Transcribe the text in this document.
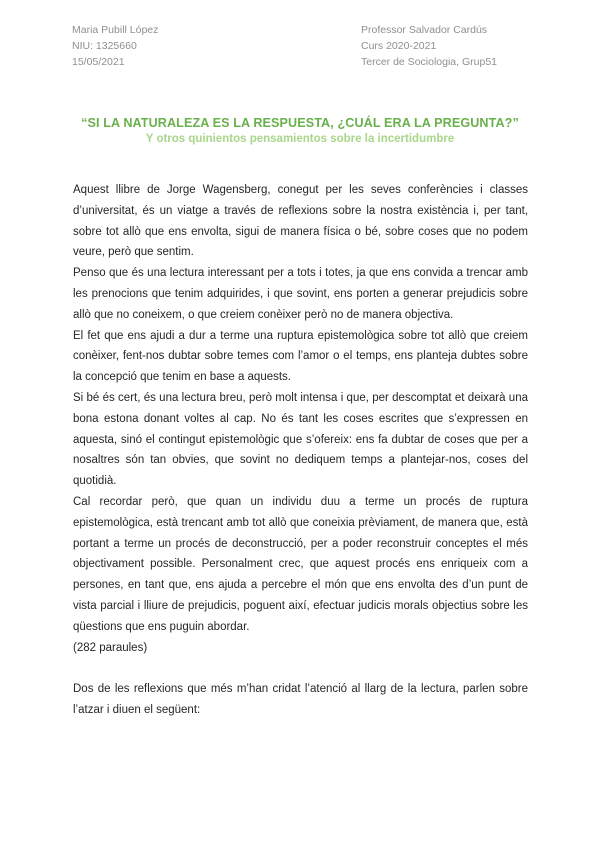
Maria Pubill López
NIU: 1325660
15/05/2021
Professor Salvador Cardús
Curs 2020-2021
Tercer de Sociologia, Grup51
“SI LA NATURALEZA ES LA RESPUESTA, ¿CUÁL ERA LA PREGUNTA?”
Y otros quinientos pensamientos sobre la incertidumbre

Aquest llibre de Jorge Wagensberg, conegut per les seves conferències i classes d’universitat, és un viatge a través de reflexions sobre la nostra existència i, per tant, sobre tot allò que ens envolta, sigui de manera física o bé, sobre coses que no podem veure, però que sentim.

Penso que és una lectura interessant per a tots i totes, ja que ens convida a trencar amb les prenocions que tenim adquirides, i que sovint, ens porten a generar prejudicis sobre allò que no coneixem, o que creiem conèixer però no de manera objectiva.

El fet que ens ajudi a dur a terme una ruptura epistemològica sobre tot allò que creiem conèixer, fent-nos dubtar sobre temes com l’amor o el temps, ens planteja dubtes sobre la concepció que tenim en base a aquests.

Si bé és cert, és una lectura breu, però molt intensa i que, per descomptat et deixarà una bona estona donant voltes al cap. No és tant les coses escrites que s’expressen en aquesta, sinó el contingut epistemològic que s’ofereix: ens fa dubtar de coses que per a nosaltres són tan obvies, que sovint no dediquem temps a plantejar-nos, coses del quotidià.

Cal recordar però, que quan un individu duu a terme un procés de ruptura epistemològica, està trencant amb tot allò que coneixia prèviament, de manera que, està portant a terme un procés de deconstrucció, per a poder reconstruir conceptes el més objectivament possible. Personalment crec, que aquest procés ens enriqueix com a persones, en tant que, ens ajuda a percebre el món que ens envolta des d’un punt de vista parcial i lliure de prejudicis, poguent així, efectuar judicis morals objectius sobre les qüestions que ens puguin abordar.

(282 paraules)

Dos de les reflexions que més m’han cridat l’atenció al llarg de la lectura, parlen sobre l’atzar i diuen el següent:
